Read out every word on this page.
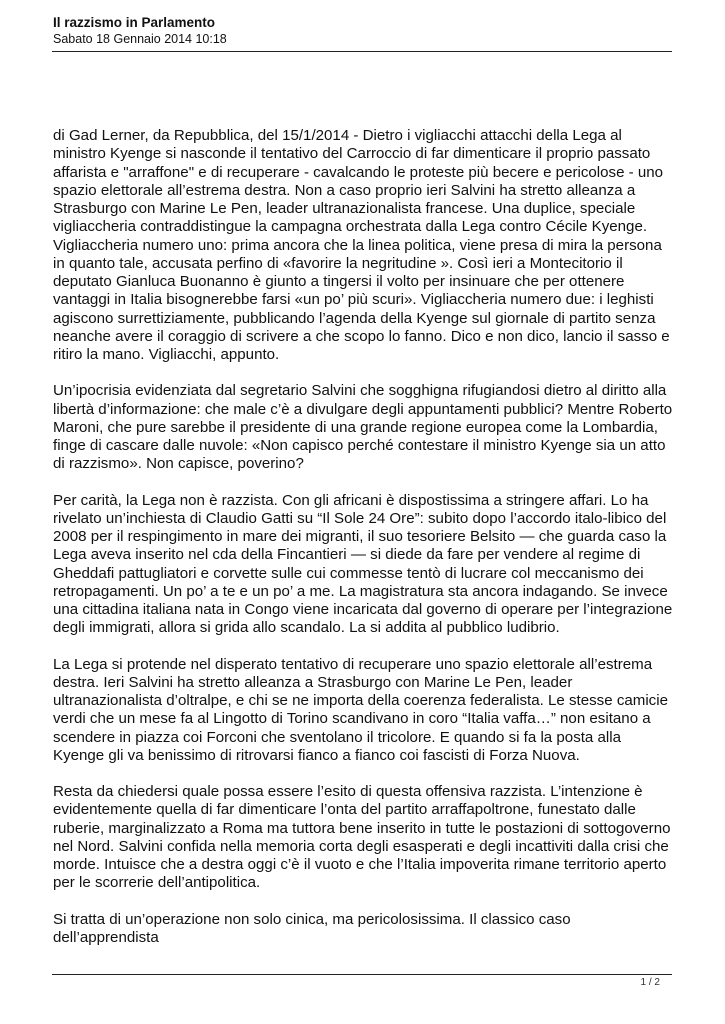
Il razzismo in Parlamento
Sabato 18 Gennaio 2014 10:18

di Gad Lerner, da Repubblica, del 15/1/2014 - Dietro i vigliacchi attacchi della Lega al ministro Kyenge si nasconde il tentativo del Carroccio di far dimenticare il proprio passato affarista e "arraffone" e di recuperare - cavalcando le proteste più becere e pericolose - uno spazio elettorale all’estrema destra. Non a caso proprio ieri Salvini ha stretto alleanza a Strasburgo con Marine Le Pen, leader ultranazionalista francese. Una duplice, speciale vigliaccheria contraddistingue la campagna orchestrata dalla Lega contro Cécile Kyenge. Vigliaccheria numero uno: prima ancora che la linea politica, viene presa di mira la persona in quanto tale, accusata perfino di «favorire la negritudine ». Così ieri a Montecitorio il deputato Gianluca Buonanno è giunto a tingersi il volto per insinuare che per ottenere vantaggi in Italia bisognerebbe farsi «un po’ più scuri». Vigliaccheria numero due: i leghisti agiscono surrettiziamente, pubblicando l’agenda della Kyenge sul giornale di partito senza neanche avere il coraggio di scrivere a che scopo lo fanno. Dico e non dico, lancio il sasso e ritiro la mano. Vigliacchi, appunto.

Un’ipocrisia evidenziata dal segretario Salvini che sogghigna rifugiandosi dietro al diritto alla libertà d’informazione: che male c’è a divulgare degli appuntamenti pubblici? Mentre Roberto Maroni, che pure sarebbe il presidente di una grande regione europea come la Lombardia, finge di cascare dalle nuvole: «Non capisco perché contestare il ministro Kyenge sia un atto di razzismo». Non capisce, poverino?

Per carità, la Lega non è razzista. Con gli africani è dispostissima a stringere affari. Lo ha rivelato un’inchiesta di Claudio Gatti su “Il Sole 24 Ore”: subito dopo l’accordo italo-libico del 2008 per il respingimento in mare dei migranti, il suo tesoriere Belsito — che guarda caso la Lega aveva inserito nel cda della Fincantieri — si diede da fare per vendere al regime di Gheddafi pattugliatori e corvette sulle cui commesse tentò di lucrare col meccanismo dei retropagamenti. Un po’ a te e un po’ a me. La magistratura sta ancora indagando. Se invece una cittadina italiana nata in Congo viene incaricata dal governo di operare per l’integrazione degli immigrati, allora si grida allo scandalo. La si addita al pubblico ludibrio.

La Lega si protende nel disperato tentativo di recuperare uno spazio elettorale all’estrema destra. Ieri Salvini ha stretto alleanza a Strasburgo con Marine Le Pen, leader ultranazionalista d’oltralpe, e chi se ne importa della coerenza federalista. Le stesse camicie verdi che un mese fa al Lingotto di Torino scandivano in coro “Italia vaffa…” non esitano a scendere in piazza coi Forconi che sventolano il tricolore. E quando si fa la posta alla Kyenge gli va benissimo di ritrovarsi fianco a fianco coi fascisti di Forza Nuova.

Resta da chiedersi quale possa essere l’esito di questa offensiva razzista. L’intenzione è evidentemente quella di far dimenticare l’onta del partito arraffapoltrone, funestato dalle ruberie, marginalizzato a Roma ma tuttora bene inserito in tutte le postazioni di sottogoverno nel Nord. Salvini confida nella memoria corta degli esasperati e degli incattiviti dalla crisi che morde. Intuisce che a destra oggi c’è il vuoto e che l’Italia impoverita rimane territorio aperto per le scorrerie dell’antipolitica.

Si tratta di un’operazione non solo cinica, ma pericolosissima. Il classico caso dell’apprendista

1 / 2
